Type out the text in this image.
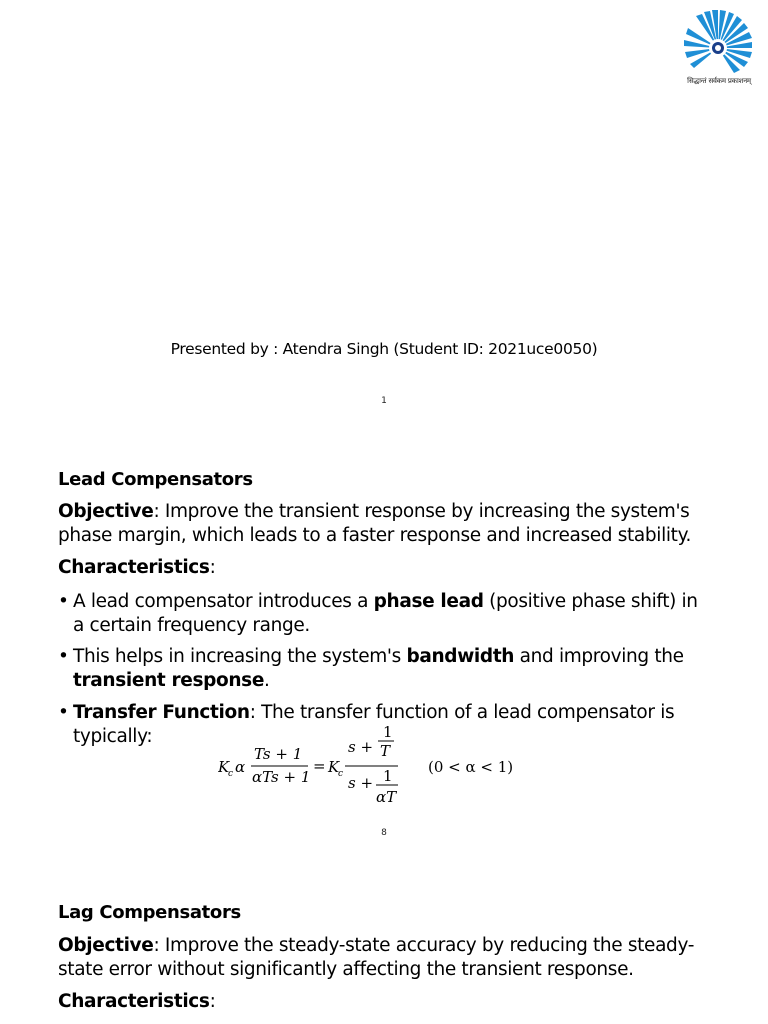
सिद्धान्तं सर्वकम प्रकाशनम्
Presented by : Atendra Singh (Student ID: 2021uce0050)
1
Lead Compensators
Objective: Improve the transient response by increasing the system's
phase margin, which leads to a faster response and increased stability.
Characteristics:
• A lead compensator introduces a phase lead (positive phase shift) in
a certain frequency range.
• This helps in increasing the system's bandwidth and improving the
transient response.
• Transfer Function: The transfer function of a lead compensator is
typically:
K
c α
Ts + 1
αTs + 1
= K
c
s +
1
T
s + 1
αT
(0 < α < 1)
8
Lag Compensators
Objective: Improve the steady-state accuracy by reducing the steady-
state error without significantly affecting the transient response.
Characteristics:
